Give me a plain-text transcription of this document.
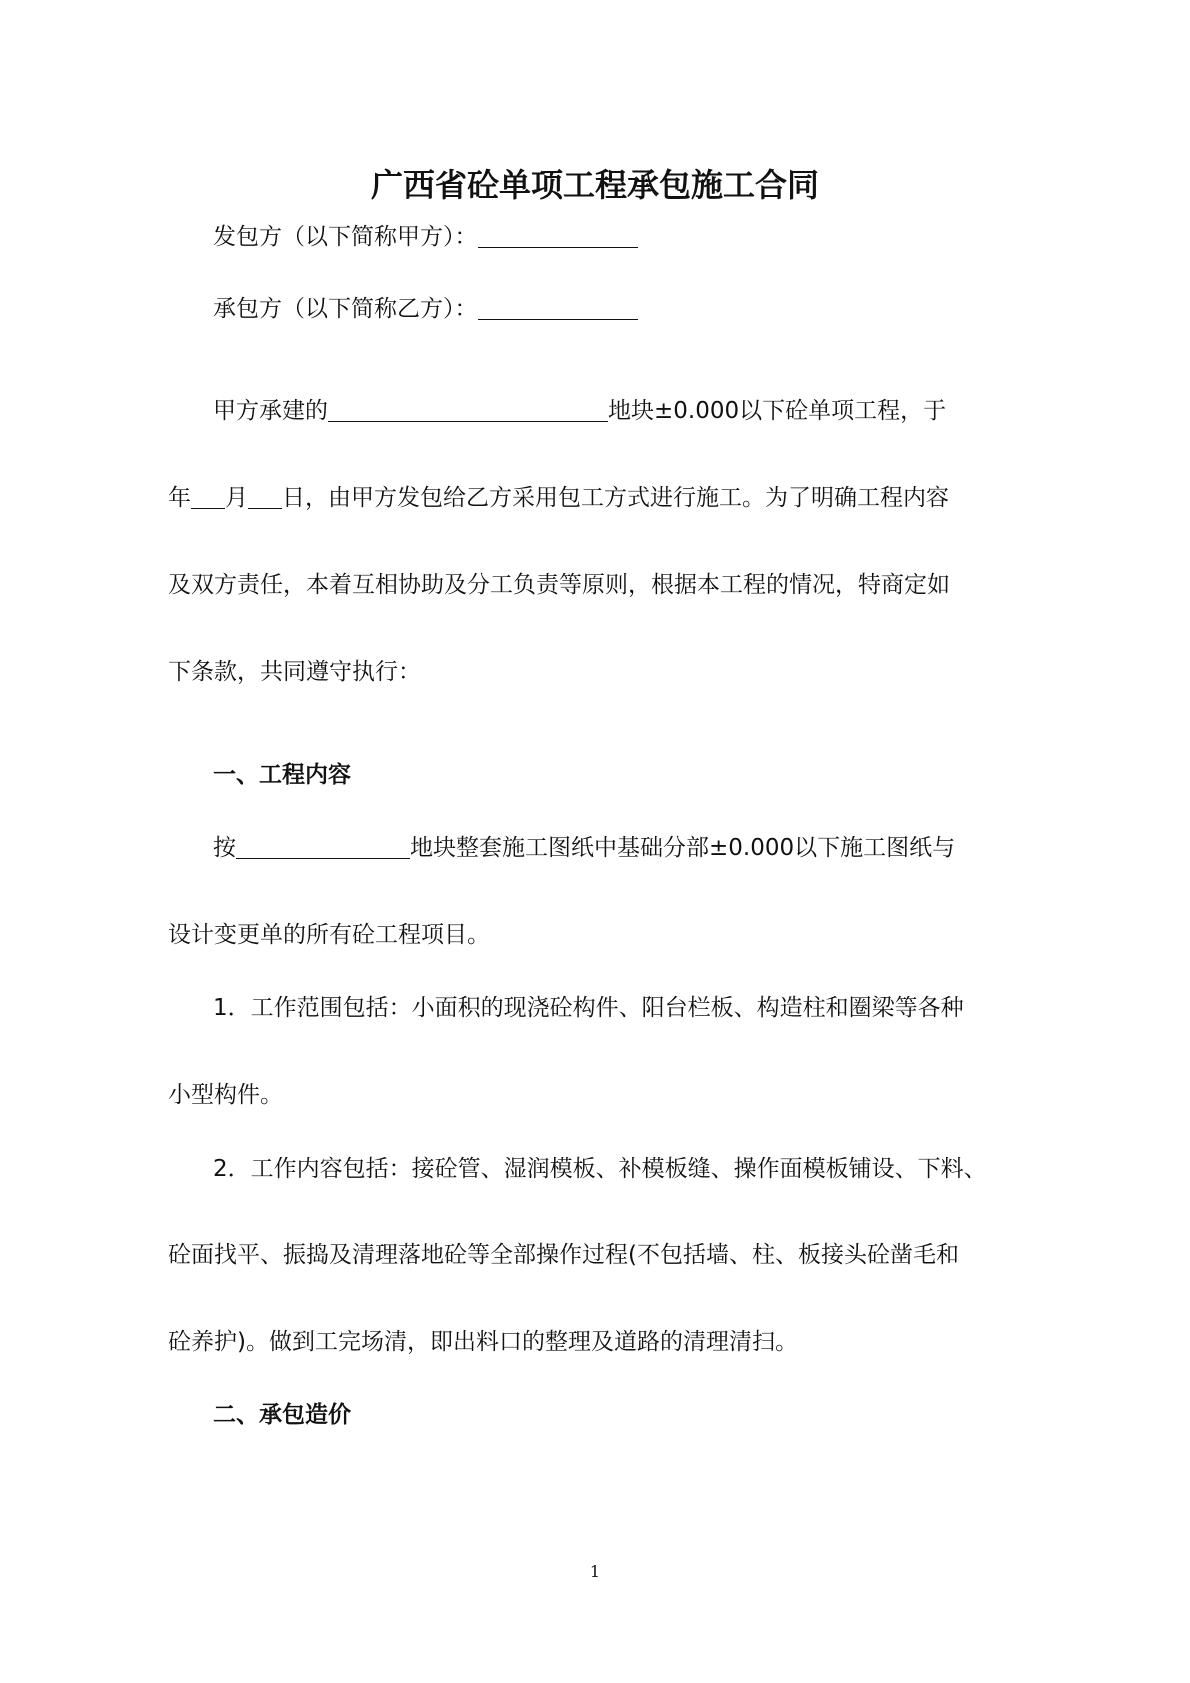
广西省砼单项工程承包施工合同
发包方（以下简称甲方）：
承包方（以下简称乙方）：
甲方承建的	地块±0.000以下砼单项工程，于
年 月 日，由甲方发包给乙方采用包工方式进行施工。为了明确工程内容
及双方责任，本着互相协助及分工负责等原则，根据本工程的情况，特商定如
下条款，共同遵守执行：
一、工程内容
按	地块整套施工图纸中基础分部±0.000以下施工图纸与
设计变更单的所有砼工程项目。
1．工作范围包括：小面积的现浇砼构件、阳台栏板、构造柱和圈梁等各种
小型构件。
2．工作内容包括：接砼管、湿润模板、补模板缝、操作面模板铺设、下料、
砼面找平、振捣及清理落地砼等全部操作过程(不包括墙、柱、板接头砼凿毛和
砼养护)。做到工完场清，即出料口的整理及道路的清理清扫。
二、承包造价
1
